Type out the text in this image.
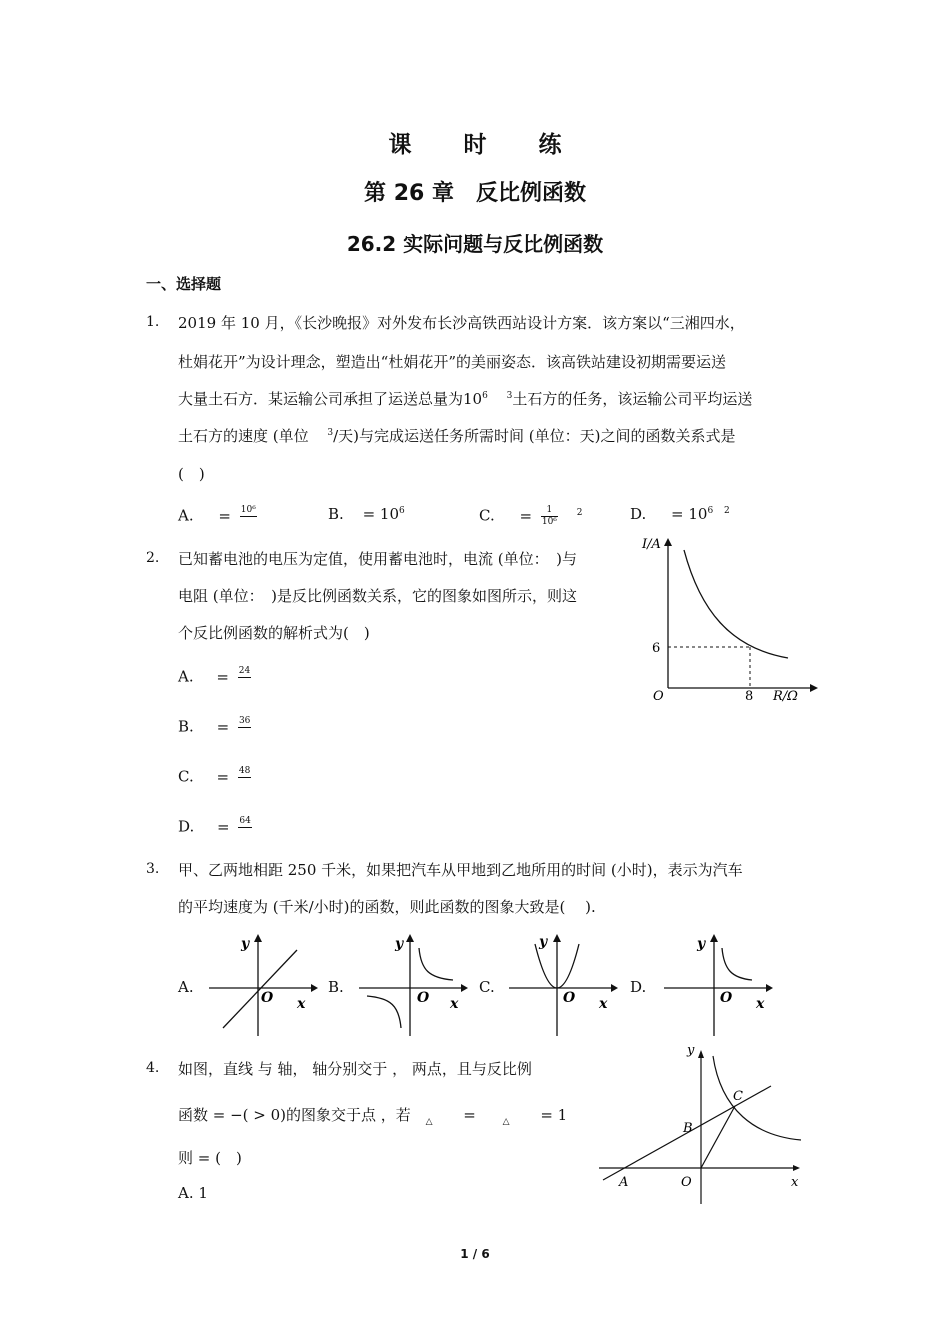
课 时 练
第 26 章　反比例函数
26.2 实际问题与反比例函数
一、选择题
1. 2019 年 10 月，《长沙晚报》对外发布长沙高铁西站设计方案．该方案以“三湘四水，
杜娟花开”为设计理念，塑造出“杜娟花开”的美丽姿态．该高铁站建设初期需要运送
大量土石方．某运输公司承担了运送总量为$10^6$ $^3$土石方的任务，该运输公司平均运送
土石方的速度 (单位 $^3$/天)与完成运送任务所需时间 (单位：天)之间的函数关系式是
(　)
A. = 10⁶
	B. = $10^6$	C. = $\frac{1}{\text{10⁶}} ^2$	D. = $10^6$ $^2$
2. 已知蓄电池的电压为定值，使用蓄电池时，电流 (单位：　)与
电阻 (单位：　)是反比例函数关系，它的图象如图所示，则这
个反比例函数的解析式为(　)
A. = 24

B. = 36

C. = 48

D. = 64

I/A
R/Ω
O
6
8
3. 甲、乙两地相距 250 千米，如果把汽车从甲地到乙地所用的时间 (小时)，表示为汽车
的平均速度为 (千米/小时)的函数，则此函数的图象大致是(　 ).
A.	B.	C.	D.
y
x
O
y
x
O
y
x
O
y
x
O
4. 如图，直线 与 轴， 轴分别交于 ， 两点，且与反比例
函数 = −( > 0)的图象交于点 ，若 $_\triangle$ =	$_\triangle$ = 1
则 = (　)
A. 1
y
x
O
A
B
C
1 / 6
